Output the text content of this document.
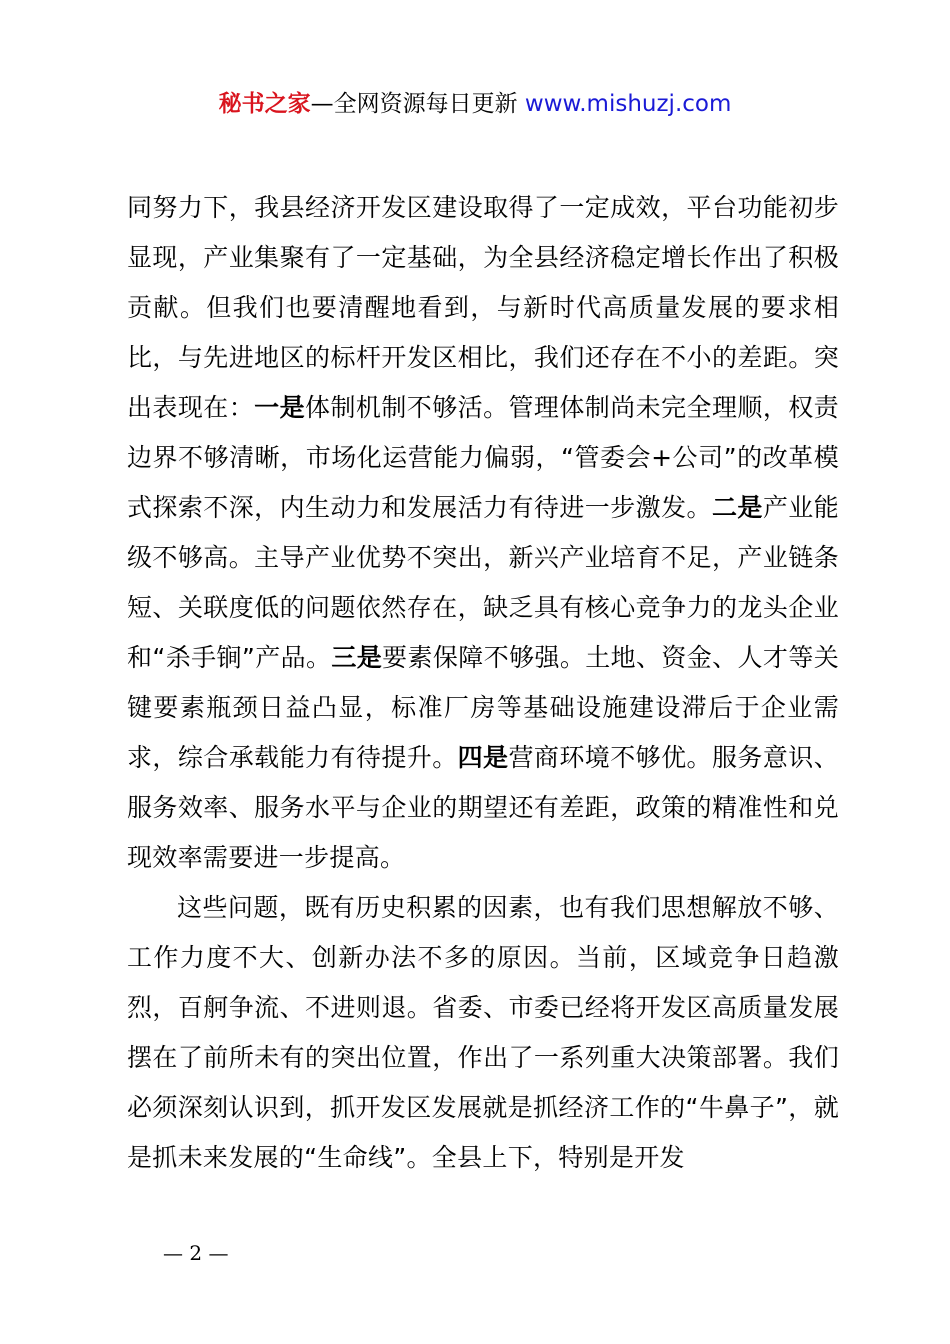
秘书之家—全网资源每日更新 www.mishuzj.com

同努力下，我县经济开发区建设取得了一定成效，平台功能初步显现，产业集聚有了一定基础，为全县经济稳定增长作出了积极贡献。但我们也要清醒地看到，与新时代高质量发展的要求相比，与先进地区的标杆开发区相比，我们还存在不小的差距。突出表现在：一是体制机制不够活。管理体制尚未完全理顺，权责边界不够清晰，市场化运营能力偏弱，“管委会+公司”的改革模式探索不深，内生动力和发展活力有待进一步激发。二是产业能级不够高。主导产业优势不突出，新兴产业培育不足，产业链条短、关联度低的问题依然存在，缺乏具有核心竞争力的龙头企业和“杀手锏”产品。三是要素保障不够强。土地、资金、人才等关键要素瓶颈日益凸显，标准厂房等基础设施建设滞后于企业需求，综合承载能力有待提升。四是营商环境不够优。服务意识、服务效率、服务水平与企业的期望还有差距，政策的精准性和兑现效率需要进一步提高。

这些问题，既有历史积累的因素，也有我们思想解放不够、工作力度不大、创新办法不多的原因。当前，区域竞争日趋激烈，百舸争流、不进则退。省委、市委已经将开发区高质量发展摆在了前所未有的突出位置，作出了一系列重大决策部署。我们必须深刻认识到，抓开发区发展就是抓经济工作的“牛鼻子”，就是抓未来发展的“生命线”。全县上下，特别是开发

— 2 —
